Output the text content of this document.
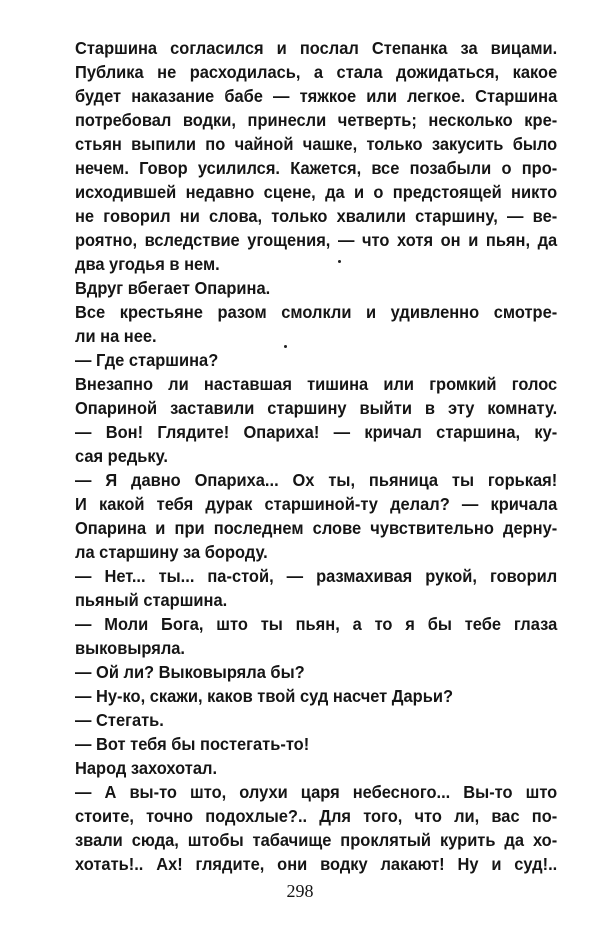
Старшина согласился и послал Степанка за вицами.
Публика не расходилась, а стала дожидаться, какое
будет наказание бабе — тяжкое или легкое. Старшина
потребовал водки, принесли четверть; несколько кре-
стьян выпили по чайной чашке, только закусить было
нечем. Говор усилился. Кажется, все позабыли о про-
исходившей недавно сцене, да и о предстоящей никто
не говорил ни слова, только хвалили старшину, — ве-
роятно, вследствие угощения, — что хотя он и пьян, да
два угодья в нем.
Вдруг вбегает Опарина.
Все крестьяне разом смолкли и удивленно смотре-
ли на нее.
— Где старшина?
Внезапно ли наставшая тишина или громкий голос
Опариной заставили старшину выйти в эту комнату.
— Вон! Глядите! Опариха! — кричал старшина, ку-
сая редьку.
— Я давно Опариха... Ох ты, пьяница ты горькая!
И какой тебя дурак старшиной-ту делал? — кричала
Опарина и при последнем слове чувствительно дернy-
ла старшину за бороду.
— Нет... ты... па-стой, — размахивая рукой, говорил
пьяный старшина.
— Моли Бога, што ты пьян, а то я бы тебе глаза
выковыряла.
— Ой ли? Выковыряла бы?
— Ну-ко, скажи, каков твой суд насчет Дарьи?
— Стегать.
— Вот тебя бы постегать-то!
Народ захохотал.
— А вы-то што, олухи царя небесного... Вы-то што
стоите, точно подохлые?.. Для того, что ли, вас по-
звали сюда, штобы табачище проклятый курить да хо-
хотать!.. Ах! глядите, они водку лакают! Ну и суд!..
298
